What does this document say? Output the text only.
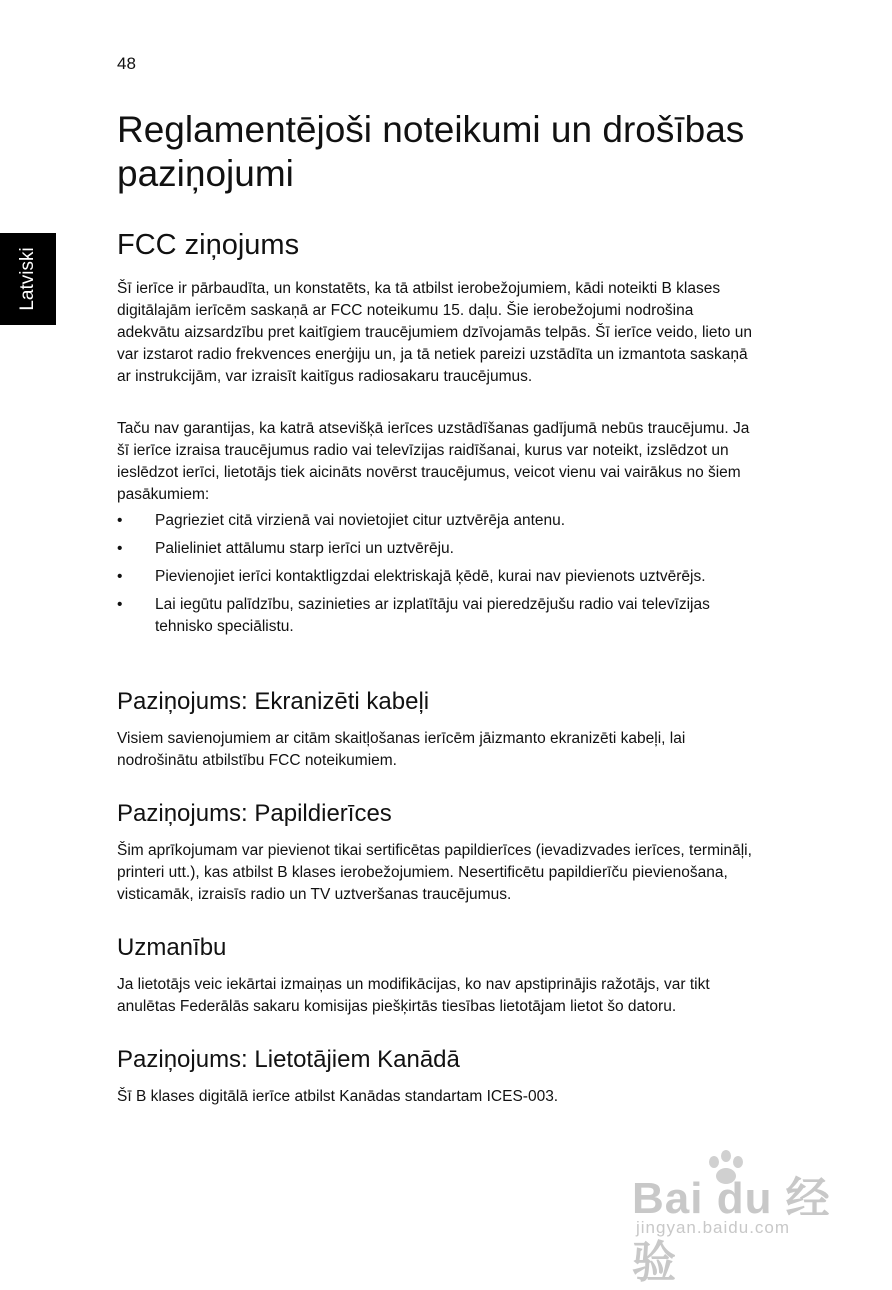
48
Latviski
Reglamentējoši noteikumi un drošības paziņojumi
FCC ziņojums

Šī ierīce ir pārbaudīta, un konstatēts, ka tā atbilst ierobežojumiem, kādi noteikti B klases digitālajām ierīcēm saskaņā ar FCC noteikumu 15. daļu. Šie ierobežojumi nodrošina adekvātu aizsardzību pret kaitīgiem traucējumiem dzīvojamās telpās. Šī ierīce veido, lieto un var izstarot radio frekvences enerģiju un, ja tā netiek pareizi uzstādīta un izmantota saskaņā ar instrukcijām, var izraisīt kaitīgus radiosakaru traucējumus.

Taču nav garantijas, ka katrā atsevišķā ierīces uzstādīšanas gadījumā nebūs traucējumu. Ja šī ierīce izraisa traucējumus radio vai televīzijas raidīšanai, kurus var noteikt, izslēdzot un ieslēdzot ierīci, lietotājs tiek aicināts novērst traucējumus, veicot vienu vai vairākus no šiem pasākumiem:

• Pagrieziet citā virzienā vai novietojiet citur uztvērēja antenu.
• Palieliniet attālumu starp ierīci un uztvērēju.
• Pievienojiet ierīci kontaktligzdai elektriskajā ķēdē, kurai nav pievienots uztvērējs.
• Lai iegūtu palīdzību, sazinieties ar izplatītāju vai pieredzējušu radio vai televīzijas tehnisko speciālistu.
Paziņojums: Ekranizēti kabeļi

Visiem savienojumiem ar citām skaitļošanas ierīcēm jāizmanto ekranizēti kabeļi, lai nodrošinātu atbilstību FCC noteikumiem.

Paziņojums: Papildierīces

Šim aprīkojumam var pievienot tikai sertificētas papildierīces (ievadizvades ierīces, termināļi, printeri utt.), kas atbilst B klases ierobežojumiem. Nesertificētu papildierīču pievienošana, visticamāk, izraisīs radio un TV uztveršanas traucējumus.

Uzmanību

Ja lietotājs veic iekārtai izmaiņas un modifikācijas, ko nav apstiprinājis ražotājs, var tikt anulētas Federālās sakaru komisijas piešķirtās tiesības lietotājam lietot šo datoru.

Paziņojums: Lietotājiem Kanādā

Šī B klases digitālā ierīce atbilst Kanādas standartam ICES-003.

Bai du 经验
jingyan.baidu.com
